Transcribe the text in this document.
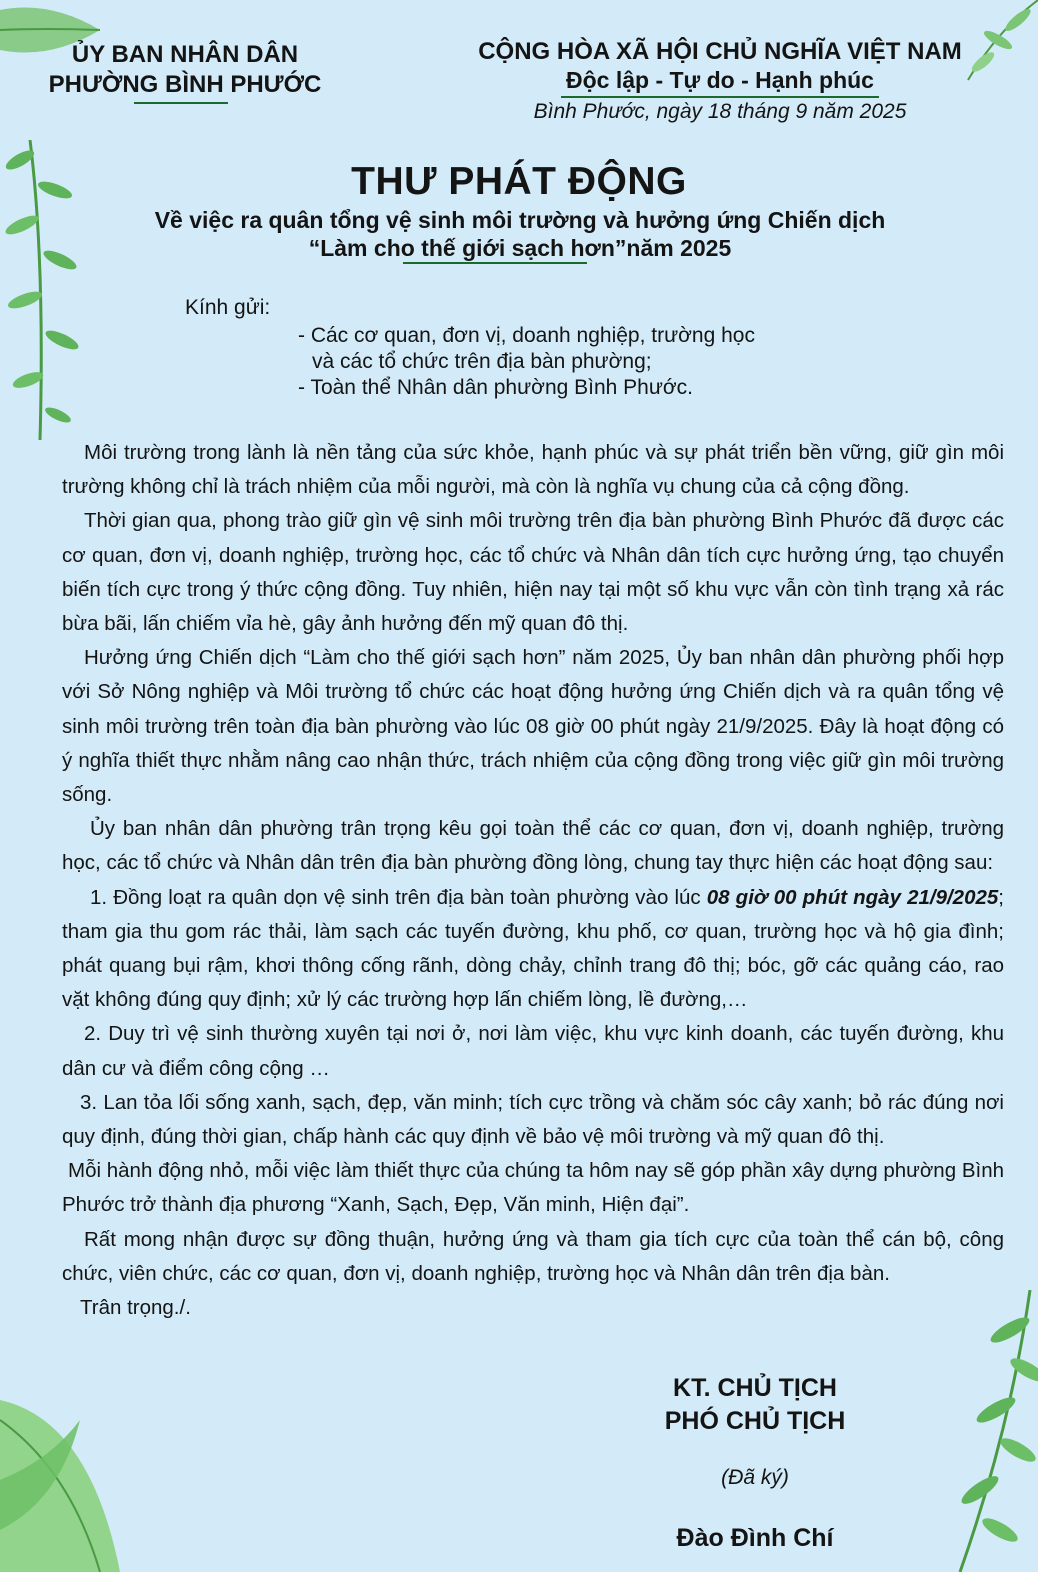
ỦY BAN NHÂN DÂN
PHƯỜNG BÌNH PHƯỚC
CỘNG HÒA XÃ HỘI CHỦ NGHĨA VIỆT NAM
Độc lập - Tự do - Hạnh phúc
Bình Phước, ngày 18 tháng 9 năm 2025
THƯ PHÁT ĐỘNG
Về việc ra quân tổng vệ sinh môi trường và hưởng ứng Chiến dịch
“Làm cho thế giới sạch hơn”năm 2025
Kính gửi:
- Các cơ quan, đơn vị, doanh nghiệp, trường học
và các tổ chức trên địa bàn phường;
- Toàn thể Nhân dân phường Bình Phước.

Môi trường trong lành là nền tảng của sức khỏe, hạnh phúc và sự phát triển bền vững, giữ gìn môi trường không chỉ là trách nhiệm của mỗi người, mà còn là nghĩa vụ chung của cả cộng đồng.

Thời gian qua, phong trào giữ gìn vệ sinh môi trường trên địa bàn phường Bình Phước đã được các cơ quan, đơn vị, doanh nghiệp, trường học, các tổ chức và Nhân dân tích cực hưởng ứng, tạo chuyển biến tích cực trong ý thức cộng đồng. Tuy nhiên, hiện nay tại một số khu vực vẫn còn tình trạng xả rác bừa bãi, lấn chiếm vỉa hè, gây ảnh hưởng đến mỹ quan đô thị.

Hưởng ứng Chiến dịch “Làm cho thế giới sạch hơn” năm 2025, Ủy ban nhân dân phường phối hợp với Sở Nông nghiệp và Môi trường tổ chức các hoạt động hưởng ứng Chiến dịch và ra quân tổng vệ sinh môi trường trên toàn địa bàn phường vào lúc 08 giờ 00 phút ngày 21/9/2025. Đây là hoạt động có ý nghĩa thiết thực nhằm nâng cao nhận thức, trách nhiệm của cộng đồng trong việc giữ gìn môi trường sống.

Ủy ban nhân dân phường trân trọng kêu gọi toàn thể các cơ quan, đơn vị, doanh nghiệp, trường học, các tổ chức và Nhân dân trên địa bàn phường đồng lòng, chung tay thực hiện các hoạt động sau:

1. Đồng loạt ra quân dọn vệ sinh trên địa bàn toàn phường vào lúc 08 giờ 00 phút ngày 21/9/2025; tham gia thu gom rác thải, làm sạch các tuyến đường, khu phố, cơ quan, trường học và hộ gia đình; phát quang bụi rậm, khơi thông cống rãnh, dòng chảy, chỉnh trang đô thị; bóc, gỡ các quảng cáo, rao vặt không đúng quy định; xử lý các trường hợp lấn chiếm lòng, lề đường,…

2. Duy trì vệ sinh thường xuyên tại nơi ở, nơi làm việc, khu vực kinh doanh, các tuyến đường, khu dân cư và điểm công cộng …

3. Lan tỏa lối sống xanh, sạch, đẹp, văn minh; tích cực trồng và chăm sóc cây xanh; bỏ rác đúng nơi quy định, đúng thời gian, chấp hành các quy định về bảo vệ môi trường và mỹ quan đô thị.

Mỗi hành động nhỏ, mỗi việc làm thiết thực của chúng ta hôm nay sẽ góp phần xây dựng phường Bình Phước trở thành địa phương “Xanh, Sạch, Đẹp, Văn minh, Hiện đại”.

Rất mong nhận được sự đồng thuận, hưởng ứng và tham gia tích cực của toàn thể cán bộ, công chức, viên chức, các cơ quan, đơn vị, doanh nghiệp, trường học và Nhân dân trên địa bàn.

Trân trọng./.

KT. CHỦ TỊCH
PHÓ CHỦ TỊCH
(Đã ký)
Đào Đình Chí
